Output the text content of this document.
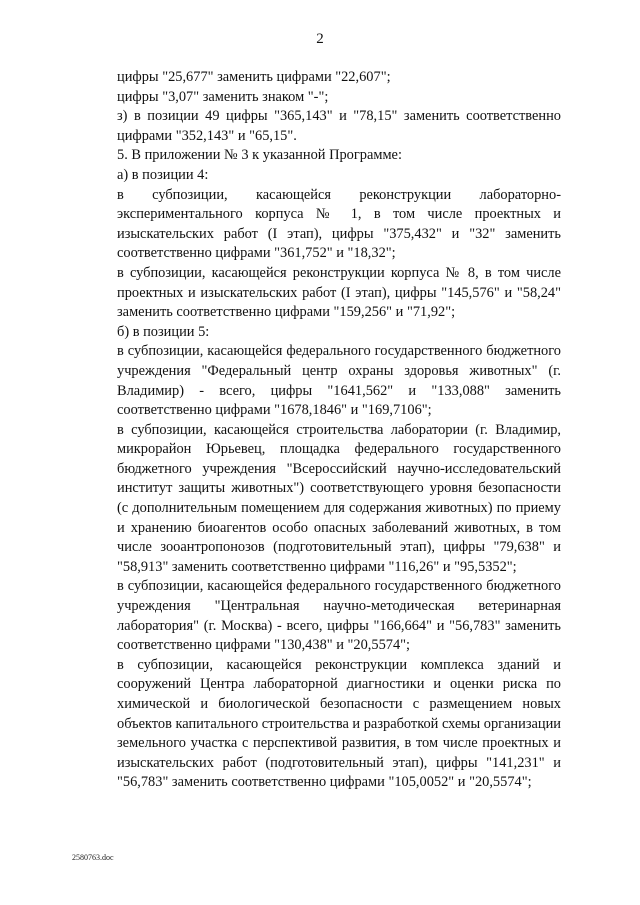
2

цифры "25,677" заменить цифрами "22,607";

цифры "3,07" заменить знаком "-";

з) в позиции 49 цифры "365,143" и "78,15" заменить соответственно цифрами "352,143" и "65,15".

5. В приложении № 3 к указанной Программе:

а) в позиции 4:

в субпозиции, касающейся реконструкции лабораторно-экспериментального корпуса № 1, в том числе проектных и изыскательских работ (I этап), цифры "375,432" и "32" заменить соответственно цифрами "361,752" и "18,32";

в субпозиции, касающейся реконструкции корпуса № 8, в том числе проектных и изыскательских работ (I этап), цифры "145,576" и "58,24" заменить соответственно цифрами "159,256" и "71,92";

б) в позиции 5:

в субпозиции, касающейся федерального государственного бюджетного учреждения "Федеральный центр охраны здоровья животных" (г. Владимир) - всего, цифры "1641,562" и "133,088" заменить соответственно цифрами "1678,1846" и "169,7106";

в субпозиции, касающейся строительства лаборатории (г. Владимир, микрорайон Юрьевец, площадка федерального государственного бюджетного учреждения "Всероссийский научно-исследовательский институт защиты животных") соответствующего уровня безопасности (с дополнительным помещением для содержания животных) по приему и хранению биоагентов особо опасных заболеваний животных, в том числе зооантропонозов (подготовительный этап), цифры "79,638" и "58,913" заменить соответственно цифрами "116,26" и "95,5352";

в субпозиции, касающейся федерального государственного бюджетного учреждения "Центральная научно-методическая ветеринарная лаборатория" (г. Москва) - всего, цифры "166,664" и "56,783" заменить соответственно цифрами "130,438" и "20,5574";

в субпозиции, касающейся реконструкции комплекса зданий и сооружений Центра лабораторной диагностики и оценки риска по химической и биологической безопасности с размещением новых объектов капитального строительства и разработкой схемы организации земельного участка с перспективой развития, в том числе проектных и изыскательских работ (подготовительный этап), цифры "141,231" и "56,783" заменить соответственно цифрами "105,0052" и "20,5574";

2580763.doc
